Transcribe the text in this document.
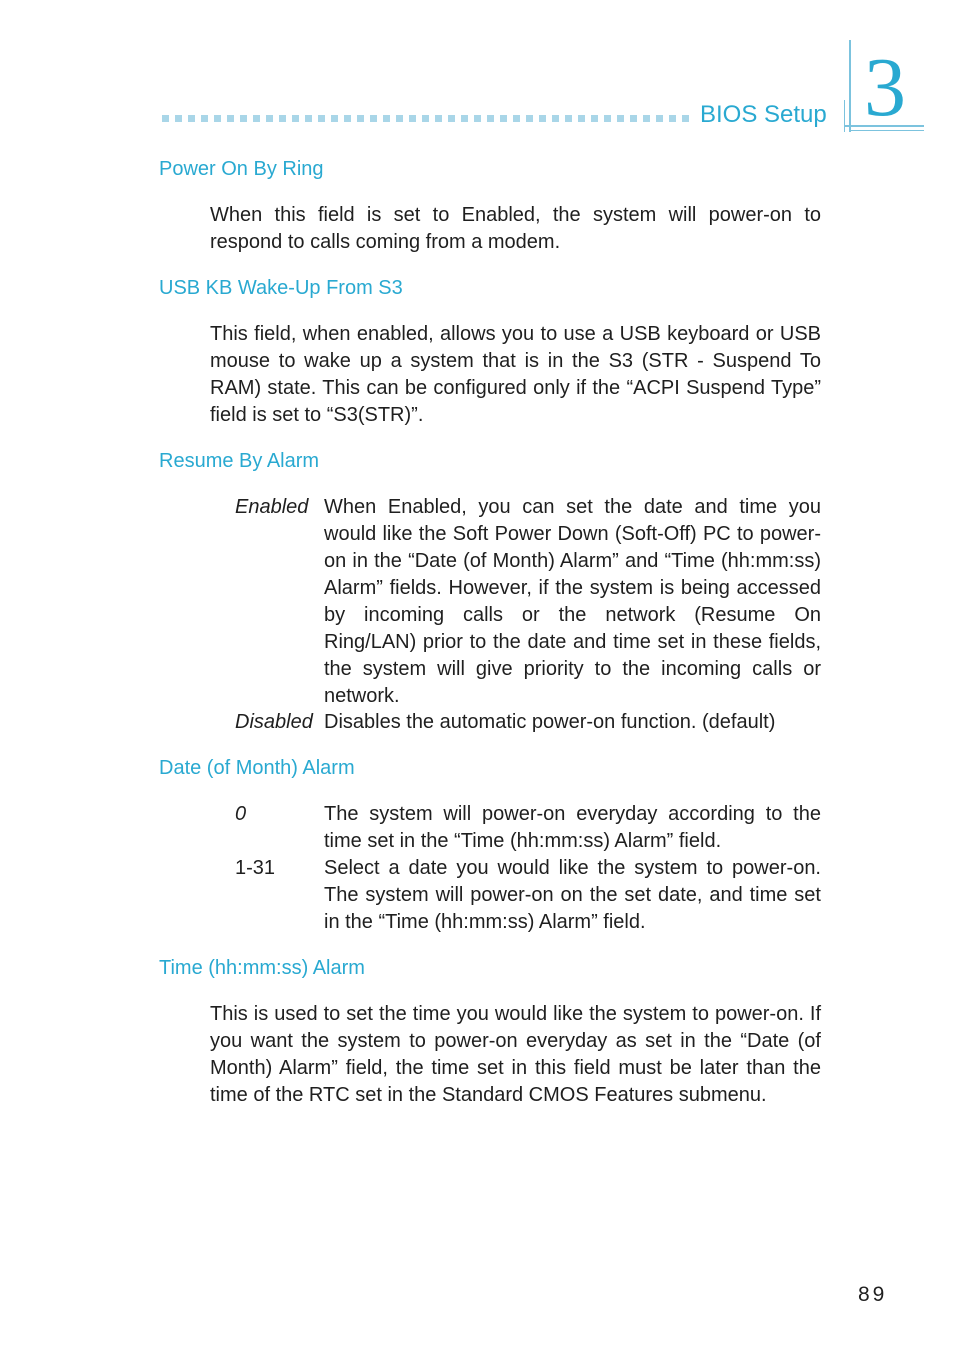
BIOS Setup 3
Power On By Ring

When this field is set to Enabled, the system will power-on to respond to calls coming from a modem.

USB KB Wake-Up From S3

This field, when enabled, allows you to use a USB keyboard or USB mouse to wake up a system that is in the S3 (STR - Suspend To RAM) state. This can be configured only if the “ACPI Suspend Type” field is set to “S3(STR)”.

Resume By Alarm
Enabled When Enabled, you can set the date and time you would like the Soft Power Down (Soft-Off) PC to power-on in the “Date (of Month) Alarm” and “Time (hh:mm:ss) Alarm” fields. However, if the system is being accessed by incoming calls or the network (Resume On Ring/LAN) prior to the date and time set in these fields, the system will give priority to the incoming calls or network.

Disabled Disables the automatic power-on function. (default)

Date (of Month) Alarm
0	The system will power-on everyday according to the time set in the “Time (hh:mm:ss) Alarm” field.

1-31 Select a date you would like the system to power-on. The system will power-on on the set date, and time set in the “Time (hh:mm:ss) Alarm” field.

Time (hh:mm:ss) Alarm

This is used to set the time you would like the system to power-on. If you want the system to power-on everyday as set in the “Date (of Month) Alarm” field, the time set in this field must be later than the time of the RTC set in the Standard CMOS Features submenu.

89
